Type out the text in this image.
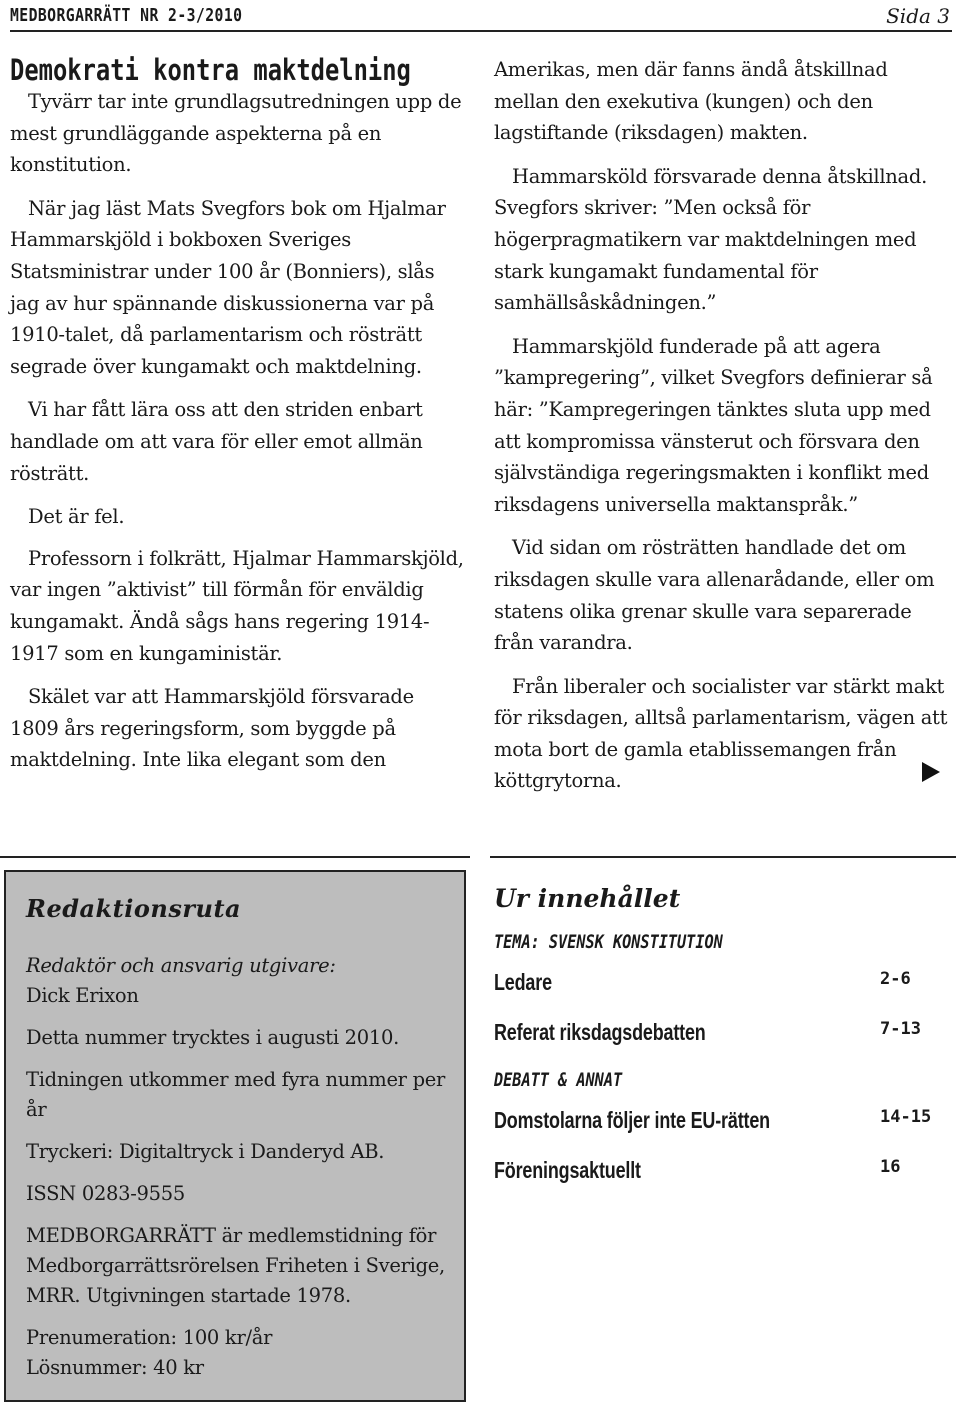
MEDBORGARRÄTT NR 2-3/2010	Sida 3
Demokrati kontra maktdelning

Tyvärr tar inte grundlagsutredningen upp de mest grundläggande aspekterna på en konstitution.

När jag läst Mats Svegfors bok om Hjalmar Hammarskjöld i bokboxen Sveriges Statsministrar under 100 år (Bonniers), slås jag av hur spännande diskussionerna var på 1910-talet, då parlamentarism och rösträtt segrade över kungamakt och maktdelning.

Vi har fått lära oss att den striden enbart handlade om att vara för eller emot allmän rösträtt.

Det är fel.

Professorn i folkrätt, Hjalmar Hammarskjöld, var ingen ”aktivist” till förmån för enväldig kungamakt. Ändå sågs hans regering 1914-1917 som en kungaministär.

Skälet var att Hammarskjöld försvarade 1809 års regeringsform, som byggde på maktdelning. Inte lika elegant som den

Amerikas, men där fanns ändå åtskillnad mellan den exekutiva (kungen) och den lagstiftande (riksdagen) makten.

Hammarsköld försvarade denna åtskillnad. Svegfors skriver: ”Men också för högerpragmatikern var maktdelningen med stark kungamakt fundamental för samhällsåskådningen.”

Hammarskjöld funderade på att agera ”kampregering”, vilket Svegfors definierar så här: ”Kampregeringen tänktes sluta upp med att kompromissa vänsterut och försvara den självständiga regeringsmakten i konflikt med riksdagens universella maktanspråk.”

Vid sidan om rösträtten handlade det om riksdagen skulle vara allenarådande, eller om statens olika grenar skulle vara separerade från varandra.

Från liberaler och socialister var stärkt makt för riksdagen, alltså parlamentarism, vägen att mota bort de gamla etablissemangen från köttgrytorna.

Redaktionsruta

Redaktör och ansvarig utgivare:
Dick Erixon

Detta nummer trycktes i augusti 2010.

Tidningen utkommer med fyra nummer per år

Tryckeri: Digitaltryck i Danderyd AB.

ISSN 0283-9555

MEDBORGARRÄTT är medlemstidning för Medborgarrättsrörelsen Friheten i Sverige, MRR. Utgivningen startade 1978.

Prenumeration: 100 kr/år

Lösnummer: 40 kr

Ur innehållet
TEMA: SVENSK KONSTITUTION
Ledare	2-6
Referat riksdagsdebatten	7-13
DEBATT & ANNAT
Domstolarna följer inte EU-rätten	14-15
Föreningsaktuellt	16
